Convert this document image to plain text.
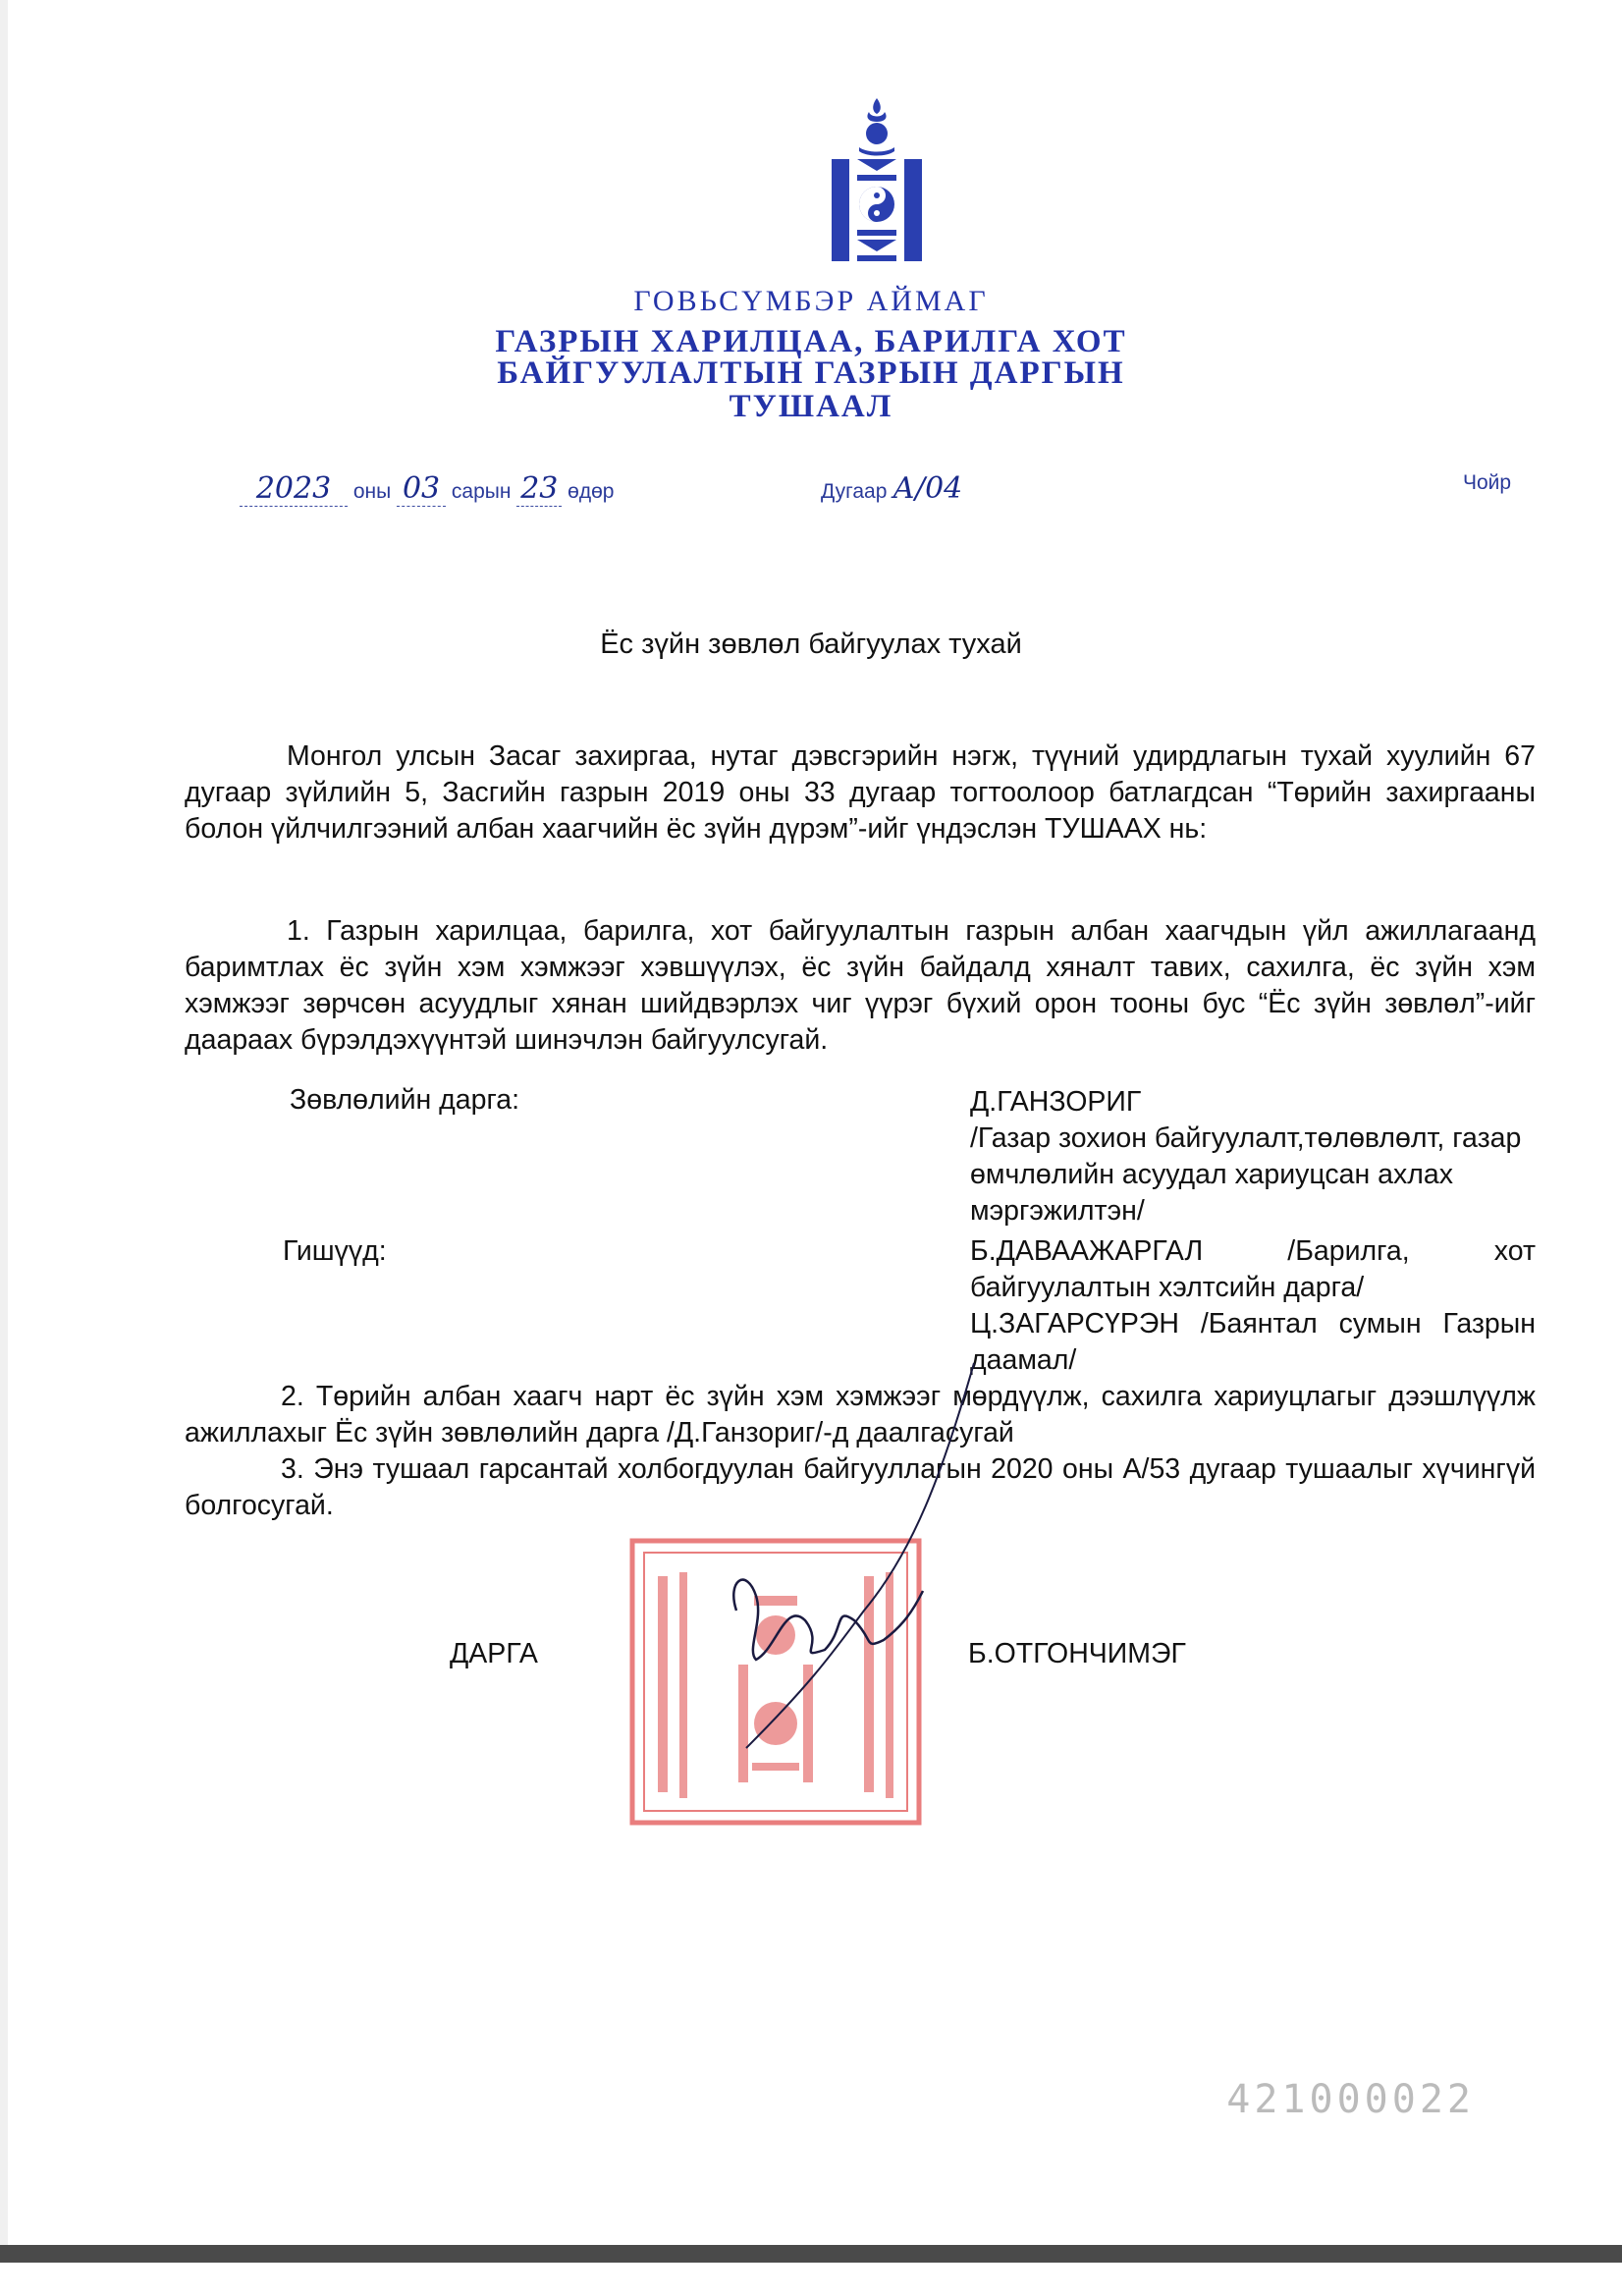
ГОВЬСҮМБЭР АЙМАГ
ГАЗРЫН ХАРИЛЦАА, БАРИЛГА ХОТ
БАЙГУУЛАЛТЫН ГАЗРЫН ДАРГЫН
ТУШААЛ
2023 оны 03 сарын 23 өдөр	Дугаар А/04	Чойр
Ёс зүйн зөвлөл байгуулах тухай
Монгол улсын Засаг захиргаа, нутаг дэвсгэрийн нэгж, түүний удирдлагын тухай хуулийн 67 дугаар зүйлийн 5, Засгийн газрын 2019 оны 33 дугаар тогтоолоор батлагдсан “Төрийн захиргааны болон үйлчилгээний албан хаагчийн ёс зүйн дүрэм”-ийг үндэслэн ТУШААХ нь:
1. Газрын харилцаа, барилга, хот байгуулалтын газрын албан хаагчдын үйл ажиллагаанд баримтлах ёс зүйн хэм хэмжээг хэвшүүлэх, ёс зүйн байдалд хяналт тавих, сахилга, ёс зүйн хэм хэмжээг зөрчсөн асуудлыг хянан шийдвэрлэх чиг үүрэг бүхий орон тооны бус “Ёс зүйн зөвлөл”-ийг даараах бүрэлдэхүүнтэй шинэчлэн байгуулсугай.
Зөвлөлийн дарга:	Д.ГАНЗОРИГ
/Газар зохион байгуулалт,төлөвлөлт, газар өмчлөлийн асуудал хариуцсан ахлах мэргэжилтэн/
Гишүүд:	Б.ДАВААЖАРГАЛ /Барилга, хот байгуулалтын хэлтсийн дарга/
Ц.ЗАГАРСҮРЭН /Баянтал сумын Газрын даамал/
2. Төрийн албан хаагч нарт ёс зүйн хэм хэмжээг мөрдүүлж, сахилга хариуцлагыг дээшлүүлж ажиллахыг Ёс зүйн зөвлөлийн дарга /Д.Ганзориг/-д даалгасугай
3. Энэ тушаал гарсантай холбогдуулан байгууллагын 2020 оны А/53 дугаар тушаалыг хүчингүй болгосугай.
ДАРГА	Б.ОТГОНЧИМЭГ
421000022
